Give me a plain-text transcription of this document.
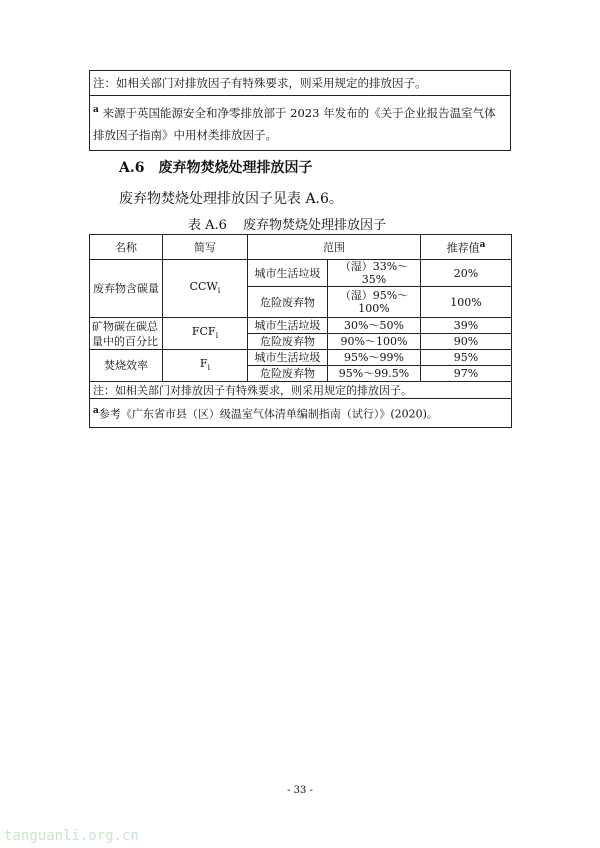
注：如相关部门对排放因子有特殊要求，则采用规定的排放因子。
$^a$ 来源于英国能源安全和净零排放部于 2023 年发布的《关于企业报告温室气体排放因子指南》中用材类排放因子。
A.6 废弃物焚烧处理排放因子
废弃物焚烧处理排放因子见表 A.6。
表 A.6 废弃物焚烧处理排放因子
名称	简写	范围		推荐值$^a$
废弃物含碳量	$CCW_i$	城市生活垃圾	（湿）33%～35%	20%
		危险废弃物	（湿）95%～100%	100%
矿物碳在碳总量中的百分比	$FCF_i$	城市生活垃圾	30%～50%	39%
		危险废弃物	90%～100%	90%
焚烧效率	$F_i$	城市生活垃圾	95%～99%	95%
		危险废弃物	95%～99.5%	97%
注：如相关部门对排放因子有特殊要求，则采用规定的排放因子。				
$^a$参考《广东省市县（区）级温室气体清单编制指南（试行）》(2020)。				
- 33 -
tanguanli.org.cn
